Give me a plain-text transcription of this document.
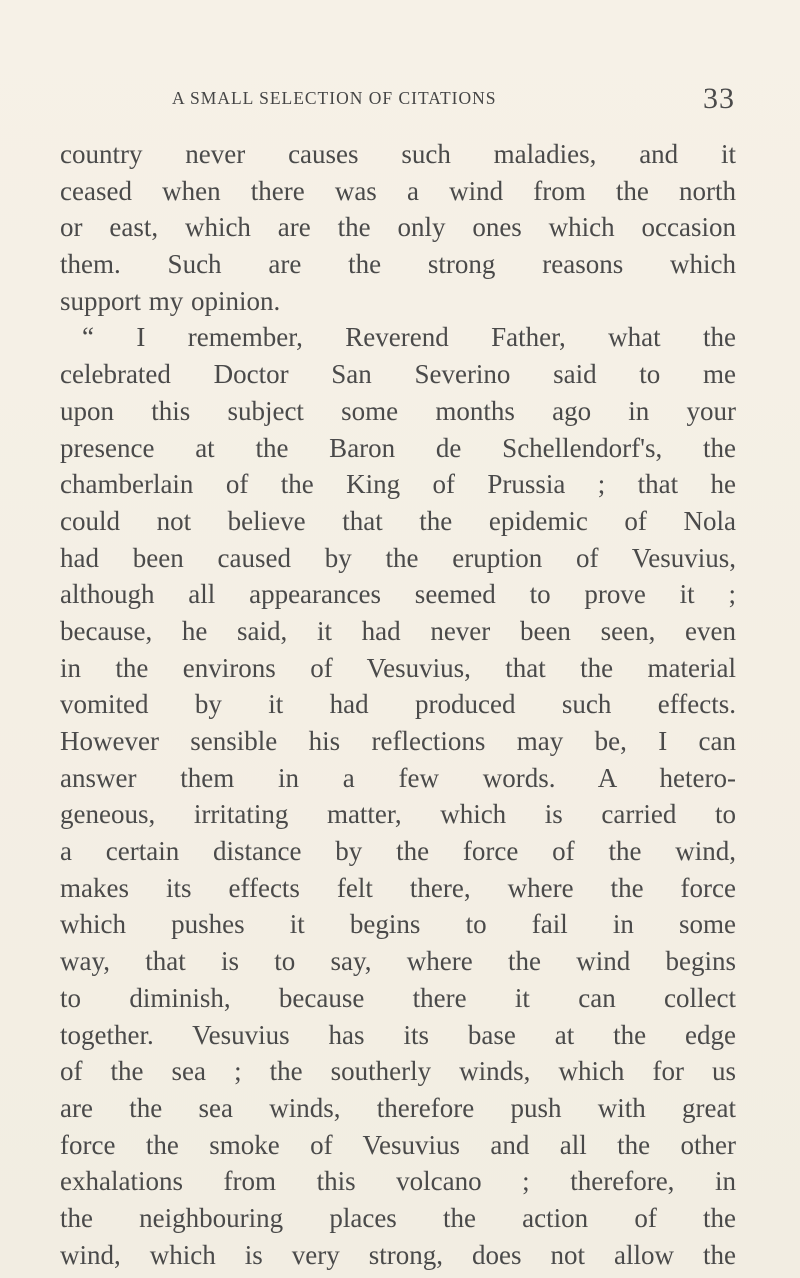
A SMALL SELECTION OF CITATIONS	33
country never causes such maladies, and it
ceased when there was a wind from the north
or east, which are the only ones which occasion
them. Such are the strong reasons which
support my opinion.
“ I remember, Reverend Father, what the
celebrated Doctor San Severino said to me
upon this subject some months ago in your
presence at the Baron de Schellendorf's, the
chamberlain of the King of Prussia ; that he
could not believe that the epidemic of Nola
had been caused by the eruption of Vesuvius,
although all appearances seemed to prove it ;
because, he said, it had never been seen, even
in the environs of Vesuvius, that the material
vomited by it had produced such effects.
However sensible his reflections may be, I can
answer them in a few words. A hetero-
geneous, irritating matter, which is carried to
a certain distance by the force of the wind,
makes its effects felt there, where the force
which pushes it begins to fail in some
way, that is to say, where the wind begins
to diminish, because there it can collect
together. Vesuvius has its base at the edge
of the sea ; the southerly winds, which for us
are the sea winds, therefore push with great
force the smoke of Vesuvius and all the other
exhalations from this volcano ; therefore, in
the neighbouring places the action of the
wind, which is very strong, does not allow the
